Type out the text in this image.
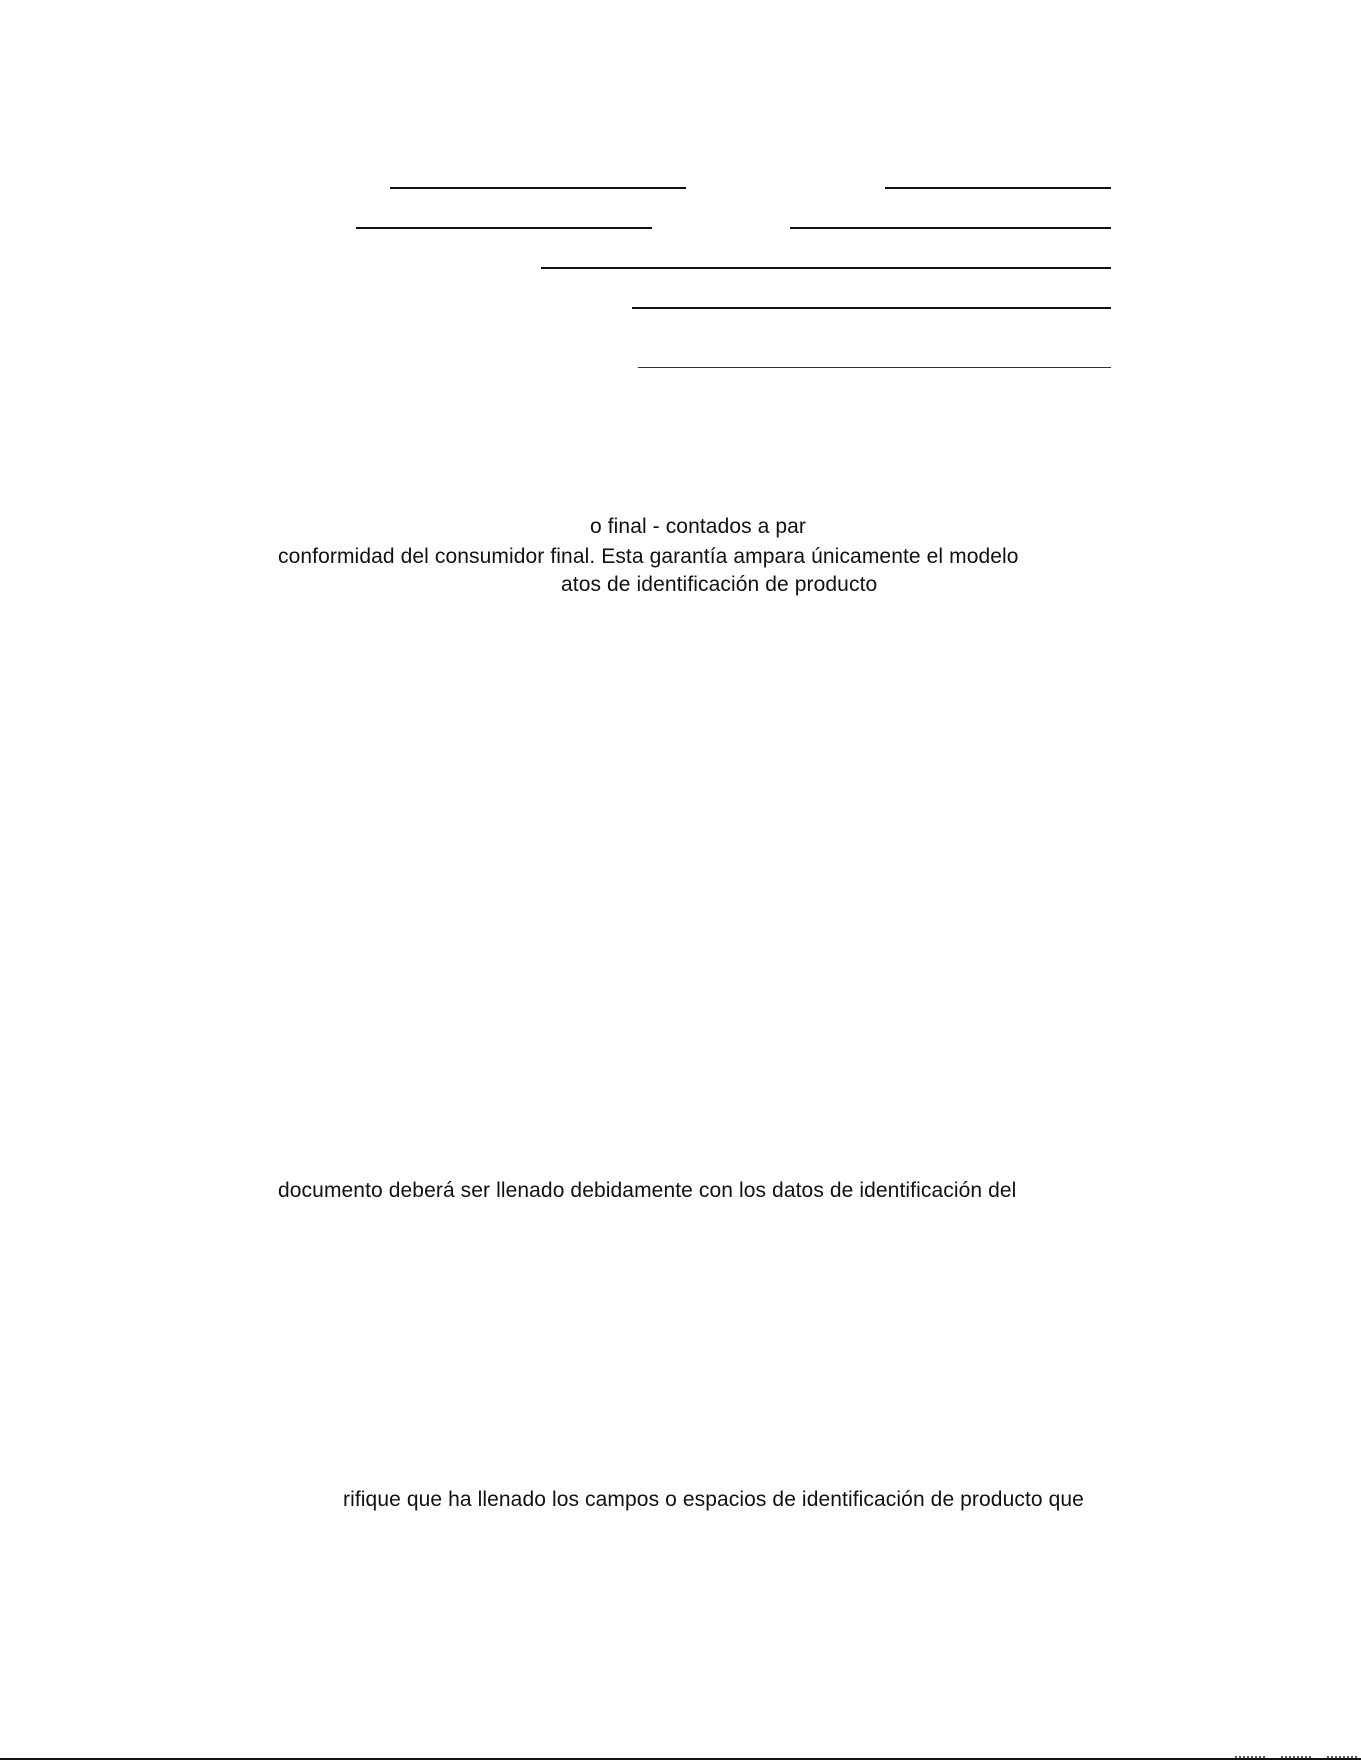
o final - contados a par
conformidad del consumidor final. Esta garantía ampara únicamente el modelo
atos de identificación de producto
documento deberá ser llenado debidamente con los datos de identificación del
rifique que ha llenado los campos o espacios de identificación de producto que
